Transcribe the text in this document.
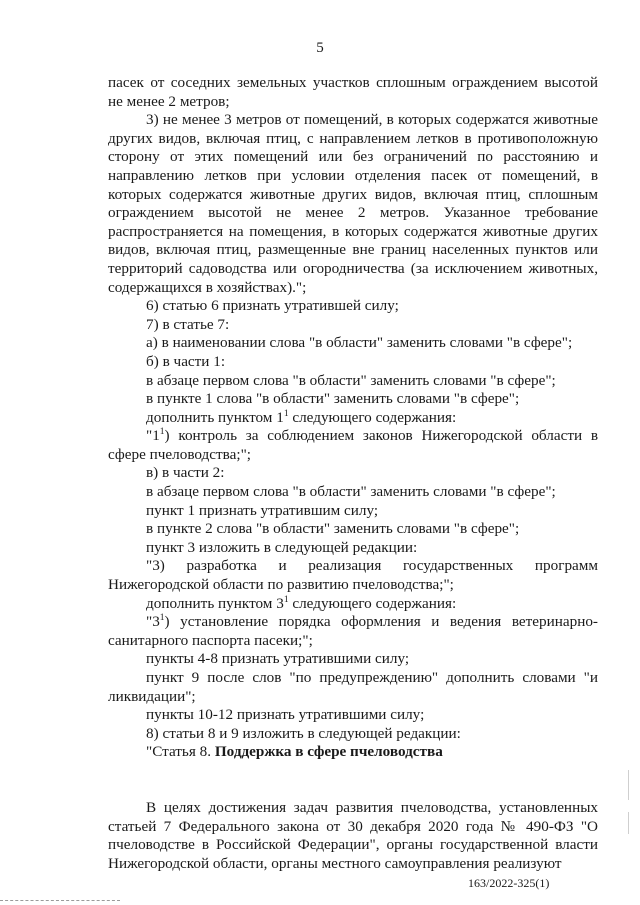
5

пасек от соседних земельных участков сплошным ограждением высотой не менее 2 метров;

3) не менее 3 метров от помещений, в которых содержатся животные других видов, включая птиц, с направлением летков в противоположную сторону от этих помещений или без ограничений по расстоянию и направлению летков при условии отделения пасек от помещений, в которых содержатся животные других видов, включая птиц, сплошным ограждением высотой не менее 2 метров. Указанное требование распространяется на помещения, в которых содержатся животные других видов, включая птиц, размещенные вне границ населенных пунктов или территорий садоводства или огородничества (за исключением животных, содержащихся в хозяйствах).";

6) статью 6 признать утратившей силу;

7) в статье 7:

а) в наименовании слова "в области" заменить словами "в сфере";

б) в части 1:

в абзаце первом слова "в области" заменить словами "в сфере";

в пункте 1 слова "в области" заменить словами "в сфере";

дополнить пунктом $1^1$ следующего содержания:

"$1^1$) контроль за соблюдением законов Нижегородской области в сфере пчеловодства;";

в) в части 2:

в абзаце первом слова "в области" заменить словами "в сфере";

пункт 1 признать утратившим силу;

в пункте 2 слова "в области" заменить словами "в сфере";

пункт 3 изложить в следующей редакции:

"3) разработка и реализация государственных программ Нижегородской области по развитию пчеловодства;";

дополнить пунктом $3^1$ следующего содержания:

"$3^1$) установление порядка оформления и ведения ветеринарно-санитарного паспорта пасеки;";

пункты 4-8 признать утратившими силу;

пункт 9 после слов "по предупреждению" дополнить словами "и ликвидации";

пункты 10-12 признать утратившими силу;

8) статьи 8 и 9 изложить в следующей редакции:

"Статья 8. Поддержка в сфере пчеловодства

В целях достижения задач развития пчеловодства, установленных статьей 7 Федерального закона от 30 декабря 2020 года № 490-ФЗ "О пчеловодстве в Российской Федерации", органы государственной власти Нижегородской области, органы местного самоуправления реализуют

163/2022-325(1)
